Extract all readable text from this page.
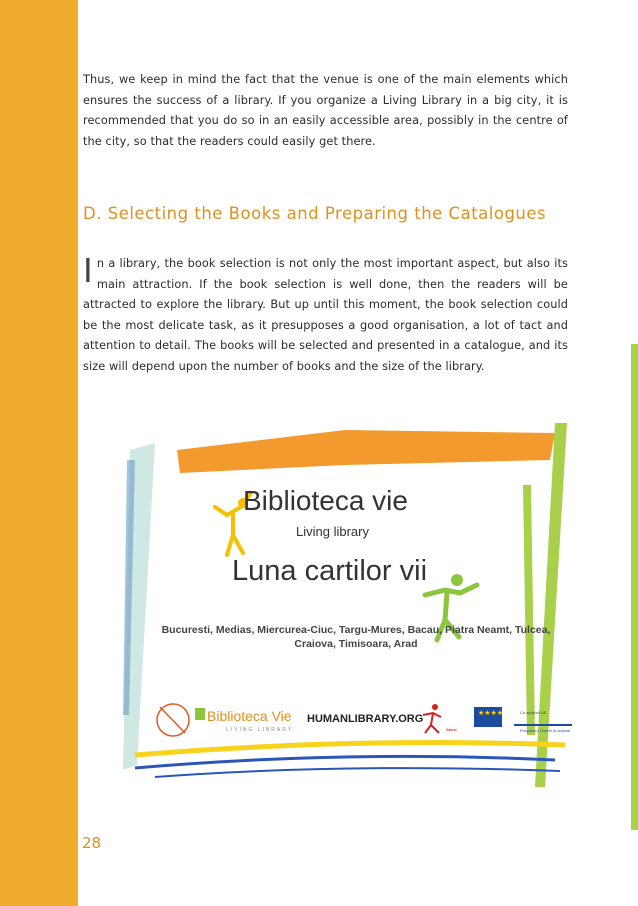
Thus, we keep in mind the fact that the venue is one of the main elements which ensures the success of a library. If you organize a Living Library in a big city, it is recommended that you do so in an easily accessible area, possibly in the centre of the city, so that the readers could easily get there.

D. Selecting the Books and Preparing the Catalogues

In a library, the book selection is not only the most important aspect, but also its main attraction. If the book selection is well done, then the readers will be attracted to explore the library. But up until this moment, the book selection could be the most delicate task, as it presupposes a good organisation, a lot of tact and attention to detail. The books will be selected and presented in a catalogue, and its size will depend upon the number of books and the size of the library.

Biblioteca vie

Living library

Luna cartilor vii

Bucuresti, Medias, Miercurea-Ciuc, Targu-Mures, Bacau, Piatra Neamt, Tulcea, Craiova, Timisoara, Arad

Biblioteca Vie

LIVING LIBRARY

HUMANLIBRARY.ORG

fiatest

★★★★	Cu sprijinul UE

Programul Tineret în acțiune

28
